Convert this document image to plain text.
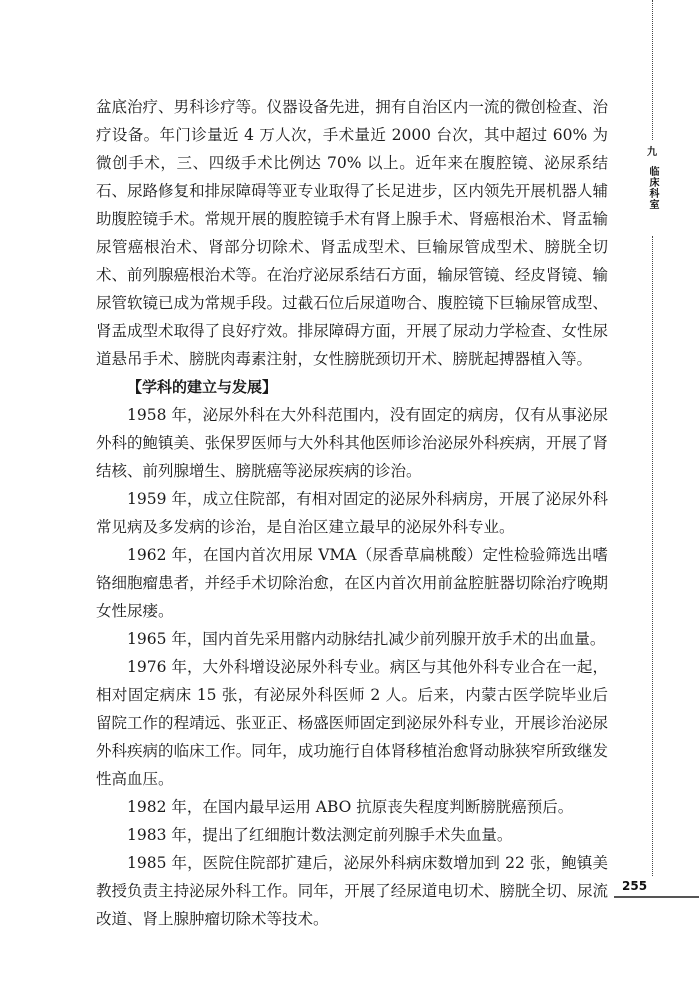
九
临床科室

盆底治疗、男科诊疗等。仪器设备先进，拥有自治区内一流的微创检查、治疗设备。年门诊量近 4 万人次，手术量近 2000 台次，其中超过 60% 为微创手术，三、四级手术比例达 70% 以上。近年来在腹腔镜、泌尿系结石、尿路修复和排尿障碍等亚专业取得了长足进步，区内领先开展机器人辅助腹腔镜手术。常规开展的腹腔镜手术有肾上腺手术、肾癌根治术、肾盂输尿管癌根治术、肾部分切除术、肾盂成型术、巨输尿管成型术、膀胱全切术、前列腺癌根治术等。在治疗泌尿系结石方面，输尿管镜、经皮肾镜、输尿管软镜已成为常规手段。过截石位后尿道吻合、腹腔镜下巨输尿管成型、肾盂成型术取得了良好疗效。排尿障碍方面，开展了尿动力学检查、女性尿道悬吊手术、膀胱肉毒素注射，女性膀胱颈切开术、膀胱起搏器植入等。

【学科的建立与发展】

1958 年，泌尿外科在大外科范围内，没有固定的病房，仅有从事泌尿外科的鲍镇美、张保罗医师与大外科其他医师诊治泌尿外科疾病，开展了肾结核、前列腺增生、膀胱癌等泌尿疾病的诊治。

1959 年，成立住院部，有相对固定的泌尿外科病房，开展了泌尿外科常见病及多发病的诊治，是自治区建立最早的泌尿外科专业。

1962 年，在国内首次用尿 VMA（尿香草扁桃酸）定性检验筛选出嗜铬细胞瘤患者，并经手术切除治愈，在区内首次用前盆腔脏器切除治疗晚期女性尿瘘。

1965 年，国内首先采用髂内动脉结扎减少前列腺开放手术的出血量。

1976 年，大外科增设泌尿外科专业。病区与其他外科专业合在一起，相对固定病床 15 张，有泌尿外科医师 2 人。后来，内蒙古医学院毕业后留院工作的程靖远、张亚正、杨盛医师固定到泌尿外科专业，开展诊治泌尿外科疾病的临床工作。同年，成功施行自体肾移植治愈肾动脉狭窄所致继发性高血压。

1982 年，在国内最早运用 ABO 抗原丧失程度判断膀胱癌预后。

1983 年，提出了红细胞计数法测定前列腺手术失血量。

1985 年，医院住院部扩建后，泌尿外科病床数增加到 22 张，鲍镇美教授负责主持泌尿外科工作。同年，开展了经尿道电切术、膀胱全切、尿流改道、肾上腺肿瘤切除术等技术。

255
